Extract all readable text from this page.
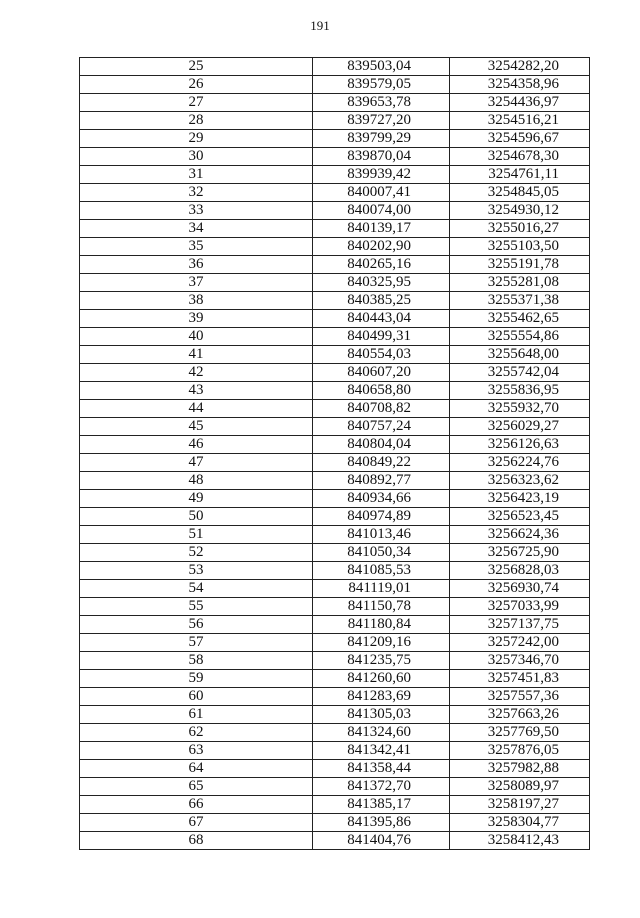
191
25	839503,04	3254282,20
26	839579,05	3254358,96
27	839653,78	3254436,97
28	839727,20	3254516,21
29	839799,29	3254596,67
30	839870,04	3254678,30
31	839939,42	3254761,11
32	840007,41	3254845,05
33	840074,00	3254930,12
34	840139,17	3255016,27
35	840202,90	3255103,50
36	840265,16	3255191,78
37	840325,95	3255281,08
38	840385,25	3255371,38
39	840443,04	3255462,65
40	840499,31	3255554,86
41	840554,03	3255648,00
42	840607,20	3255742,04
43	840658,80	3255836,95
44	840708,82	3255932,70
45	840757,24	3256029,27
46	840804,04	3256126,63
47	840849,22	3256224,76
48	840892,77	3256323,62
49	840934,66	3256423,19
50	840974,89	3256523,45
51	841013,46	3256624,36
52	841050,34	3256725,90
53	841085,53	3256828,03
54	841119,01	3256930,74
55	841150,78	3257033,99
56	841180,84	3257137,75
57	841209,16	3257242,00
58	841235,75	3257346,70
59	841260,60	3257451,83
60	841283,69	3257557,36
61	841305,03	3257663,26
62	841324,60	3257769,50
63	841342,41	3257876,05
64	841358,44	3257982,88
65	841372,70	3258089,97
66	841385,17	3258197,27
67	841395,86	3258304,77
68	841404,76	3258412,43
